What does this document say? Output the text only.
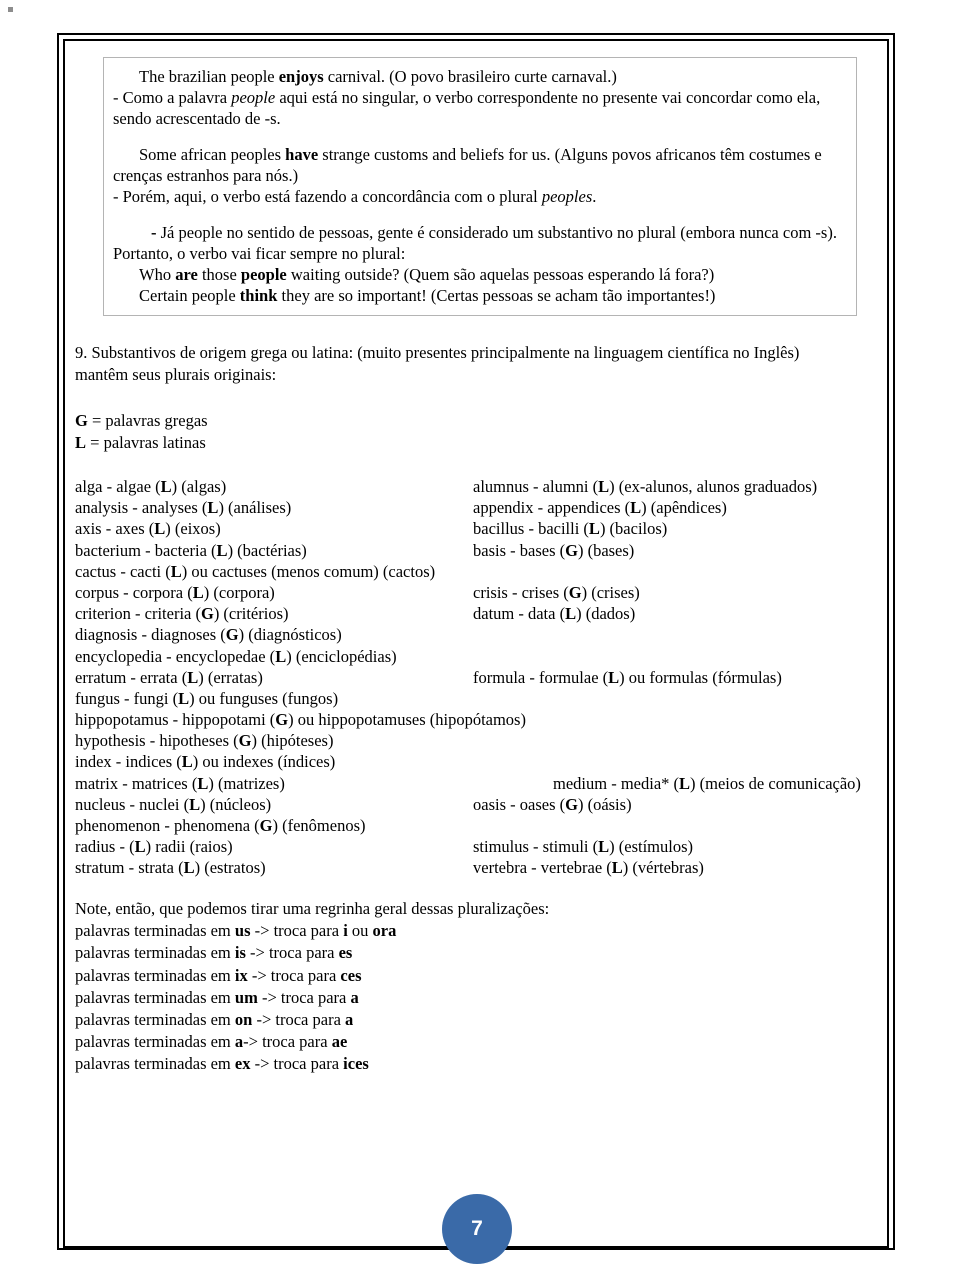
The brazilian people enjoys carnival. (O povo brasileiro curte carnaval.)

- Como a palavra people aqui está no singular, o verbo correspondente no presente vai concordar como ela, sendo acrescentado de -s.

Some african peoples have strange customs and beliefs for us. (Alguns povos africanos têm costumes e crenças estranhos para nós.)

- Porém, aqui, o verbo está fazendo a concordância com o plural peoples.

- Já people no sentido de pessoas, gente é considerado um substantivo no plural (embora nunca com -s). Portanto, o verbo vai ficar sempre no plural:

Who are those people waiting outside? (Quem são aquelas pessoas esperando lá fora?)

Certain people think they are so important! (Certas pessoas se acham tão importantes!)

9. Substantivos de origem grega ou latina: (muito presentes principalmente na linguagem científica no Inglês) mantêm seus plurais originais:

G = palavras gregas

L = palavras latinas

alga - algae (L) (algas)	alumnus - alumni (L) (ex-alunos, alunos graduados)
analysis - analyses (L) (análises)	appendix - appendices (L) (apêndices)
axis - axes (L) (eixos)	bacillus - bacilli (L) (bacilos)
bacterium - bacteria (L) (bactérias)	basis - bases (G) (bases)
cactus - cacti (L) ou cactuses (menos comum) (cactos)
corpus - corpora (L) (corpora)	crisis - crises (G) (crises)
criterion - criteria (G) (critérios)	datum - data (L) (dados)
diagnosis - diagnoses (G) (diagnósticos)
encyclopedia - encyclopedae (L) (enciclopédias)
erratum - errata (L) (erratas)	formula - formulae (L) ou formulas (fórmulas)
fungus - fungi (L) ou funguses (fungos)
hippopotamus - hippopotami (G) ou hippopotamuses (hipopótamos)
hypothesis - hipotheses (G) (hipóteses)
index - indices (L) ou indexes (índices)
matrix - matrices (L) (matrizes)	medium - media* (L) (meios de comunicação)
nucleus - nuclei (L) (núcleos)	oasis - oases (G) (oásis)
phenomenon - phenomena (G) (fenômenos)
radius - (L) radii (raios)	stimulus - stimuli (L) (estímulos)
stratum - strata (L) (estratos)	vertebra - vertebrae (L) (vértebras)

Note, então, que podemos tirar uma regrinha geral dessas pluralizações:

palavras terminadas em us -> troca para i ou ora

palavras terminadas em is -> troca para es

palavras terminadas em ix -> troca para ces

palavras terminadas em um -> troca para a

palavras terminadas em on -> troca para a

palavras terminadas em a-> troca para ae

palavras terminadas em ex -> troca para ices

7
